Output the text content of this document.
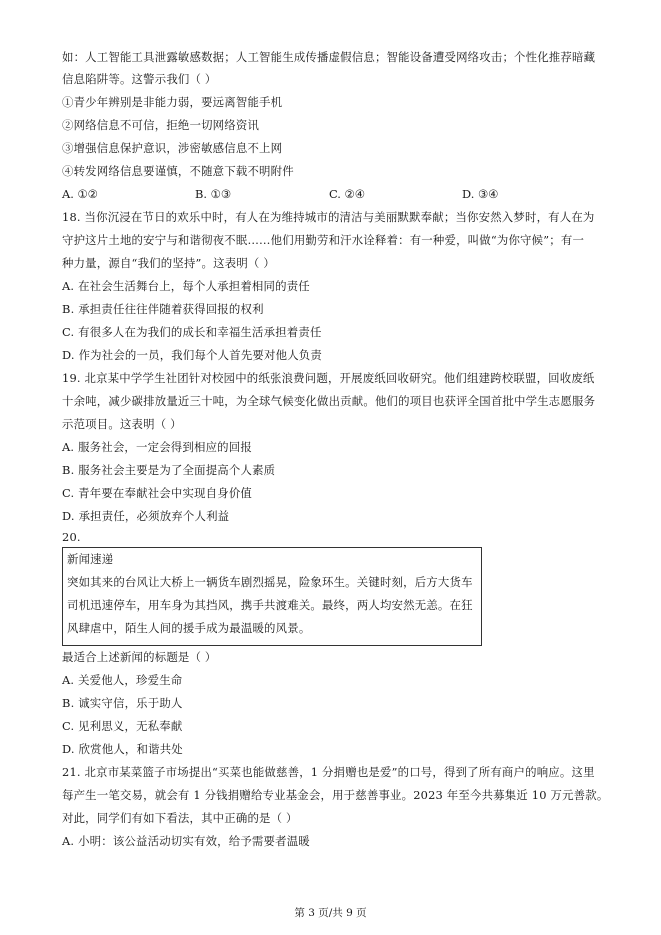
如：人工智能工具泄露敏感数据；人工智能生成传播虚假信息；智能设备遭受网络攻击；个性化推荐暗藏
信息陷阱等。这警示我们（ ）
①青少年辨别是非能力弱，要远离智能手机
②网络信息不可信，拒绝一切网络资讯
③增强信息保护意识，涉密敏感信息不上网
④转发网络信息要谨慎，不随意下载不明附件
A. ①②	B. ①③	C. ②④	D. ③④
18. 当你沉浸在节日的欢乐中时，有人在为维持城市的清洁与美丽默默奉献；当你安然入梦时，有人在为
守护这片土地的安宁与和谐彻夜不眠……他们用勤劳和汗水诠释着：有一种爱，叫做“为你守候”；有一
种力量，源自“我们的坚持”。这表明（ ）
A. 在社会生活舞台上，每个人承担着相同的责任
B. 承担责任往往伴随着获得回报的权利
C. 有很多人在为我们的成长和幸福生活承担着责任
D. 作为社会的一员，我们每个人首先要对他人负责
19. 北京某中学学生社团针对校园中的纸张浪费问题，开展废纸回收研究。他们组建跨校联盟，回收废纸
十余吨，减少碳排放量近三十吨，为全球气候变化做出贡献。他们的项目也获评全国首批中学生志愿服务
示范项目。这表明（ ）
A. 服务社会，一定会得到相应的回报
B. 服务社会主要是为了全面提高个人素质
C. 青年要在奉献社会中实现自身价值
D. 承担责任，必须放弃个人利益
20.
新闻速递
突如其来的台风让大桥上一辆货车剧烈摇晃，险象环生。关键时刻，后方大货车
司机迅速停车，用车身为其挡风，携手共渡难关。最终，两人均安然无恙。在狂
风肆虐中，陌生人间的援手成为最温暖的风景。
最适合上述新闻的标题是（ ）
A. 关爱他人，珍爱生命
B. 诚实守信，乐于助人
C. 见利思义，无私奉献
D. 欣赏他人，和谐共处
21. 北京市某菜篮子市场提出“买菜也能做慈善，1 分捐赠也是爱”的口号，得到了所有商户的响应。这里
每产生一笔交易，就会有 1 分钱捐赠给专业基金会，用于慈善事业。2023 年至今共募集近 10 万元善款。
对此，同学们有如下看法，其中正确的是（ ）
A. 小明：该公益活动切实有效，给予需要者温暖
第 3 页/共 9 页
